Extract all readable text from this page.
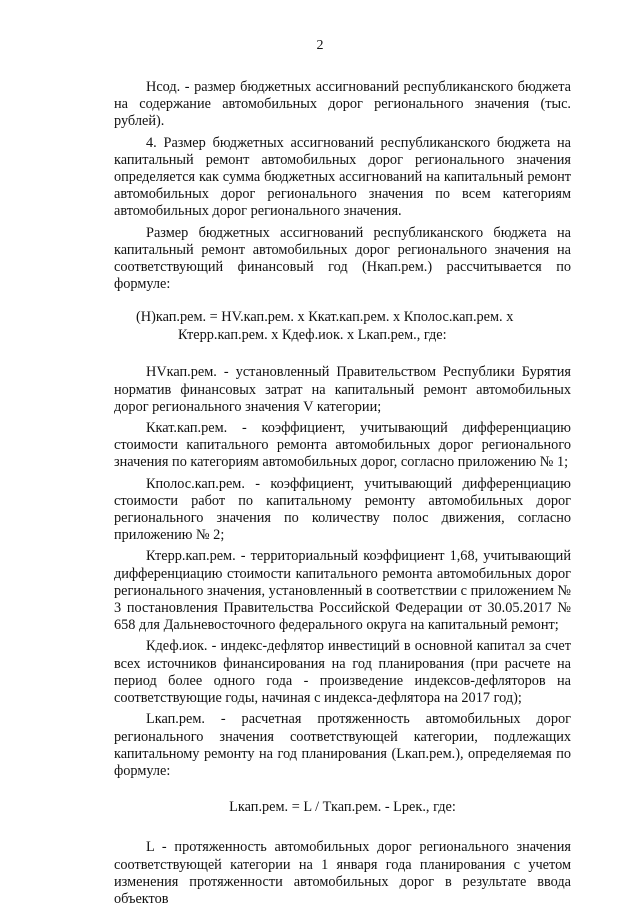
2

Нсод. - размер бюджетных ассигнований республиканского бюджета на содержание автомобильных дорог регионального значения (тыс. рублей).

4. Размер бюджетных ассигнований республиканского бюджета на капитальный ремонт автомобильных дорог регионального значения определяется как сумма бюджетных ассигнований на капитальный ремонт автомобильных дорог регионального значения по всем категориям автомобильных дорог регионального значения.

Размер бюджетных ассигнований республиканского бюджета на капитальный ремонт автомобильных дорог регионального значения на соответствующий финансовый год (Нкап.рем.) рассчитывается по формуле:

(Н)кап.рем. = HV.кап.рем. x Ккат.кап.рем. x Кполос.кап.рем. x
Ктерр.кап.рем. x Кдеф.иок. x Lкап.рем., где:

HVкап.рем. - установленный Правительством Республики Бурятия норматив финансовых затрат на капитальный ремонт автомобильных дорог регионального значения V категории;

Ккат.кап.рем. - коэффициент, учитывающий дифференциацию стоимости капитального ремонта автомобильных дорог регионального значения по категориям автомобильных дорог, согласно приложению № 1;

Кполос.кап.рем. - коэффициент, учитывающий дифференциацию стоимости работ по капитальному ремонту автомобильных дорог регионального значения по количеству полос движения, согласно приложению № 2;

Ктерр.кап.рем. - территориальный коэффициент 1,68, учитывающий дифференциацию стоимости капитального ремонта автомобильных дорог регионального значения, установленный в соответствии с приложением № 3 постановления Правительства Российской Федерации от 30.05.2017 № 658 для Дальневосточного федерального округа на капитальный ремонт;

Кдеф.иок. - индекс-дефлятор инвестиций в основной капитал за счет всех источников финансирования на год планирования (при расчете на период более одного года - произведение индексов-дефляторов на соответствующие годы, начиная с индекса-дефлятора на 2017 год);

Lкап.рем. - расчетная протяженность автомобильных дорог регионального значения соответствующей категории, подлежащих капитальному ремонту на год планирования (Lкап.рем.), определяемая по формуле:

Lкап.рем. = L / Ткап.рем. - Lрек., где:

L - протяженность автомобильных дорог регионального значения соответствующей категории на 1 января года планирования с учетом изменения протяженности автомобильных дорог в результате ввода объектов
